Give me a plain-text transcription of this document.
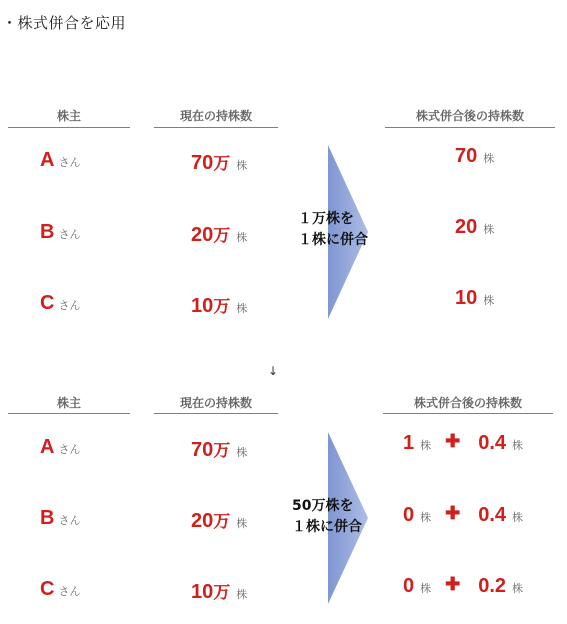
・株式併合を応用
株主	現在の持株数	株式併合後の持株数
Aさん	70万 株	70 株
Bさん	20万 株	20 株
Cさん	10万 株	10 株
１万株を
１株に併合
↓
株主	現在の持株数	株式併合後の持株数
Aさん	70万 株	1 株 ✚ 0.4 株
Bさん	20万 株	0 株 ✚ 0.4 株
Cさん	10万 株	0 株 ✚ 0.2 株
50万株を
１株に併合
